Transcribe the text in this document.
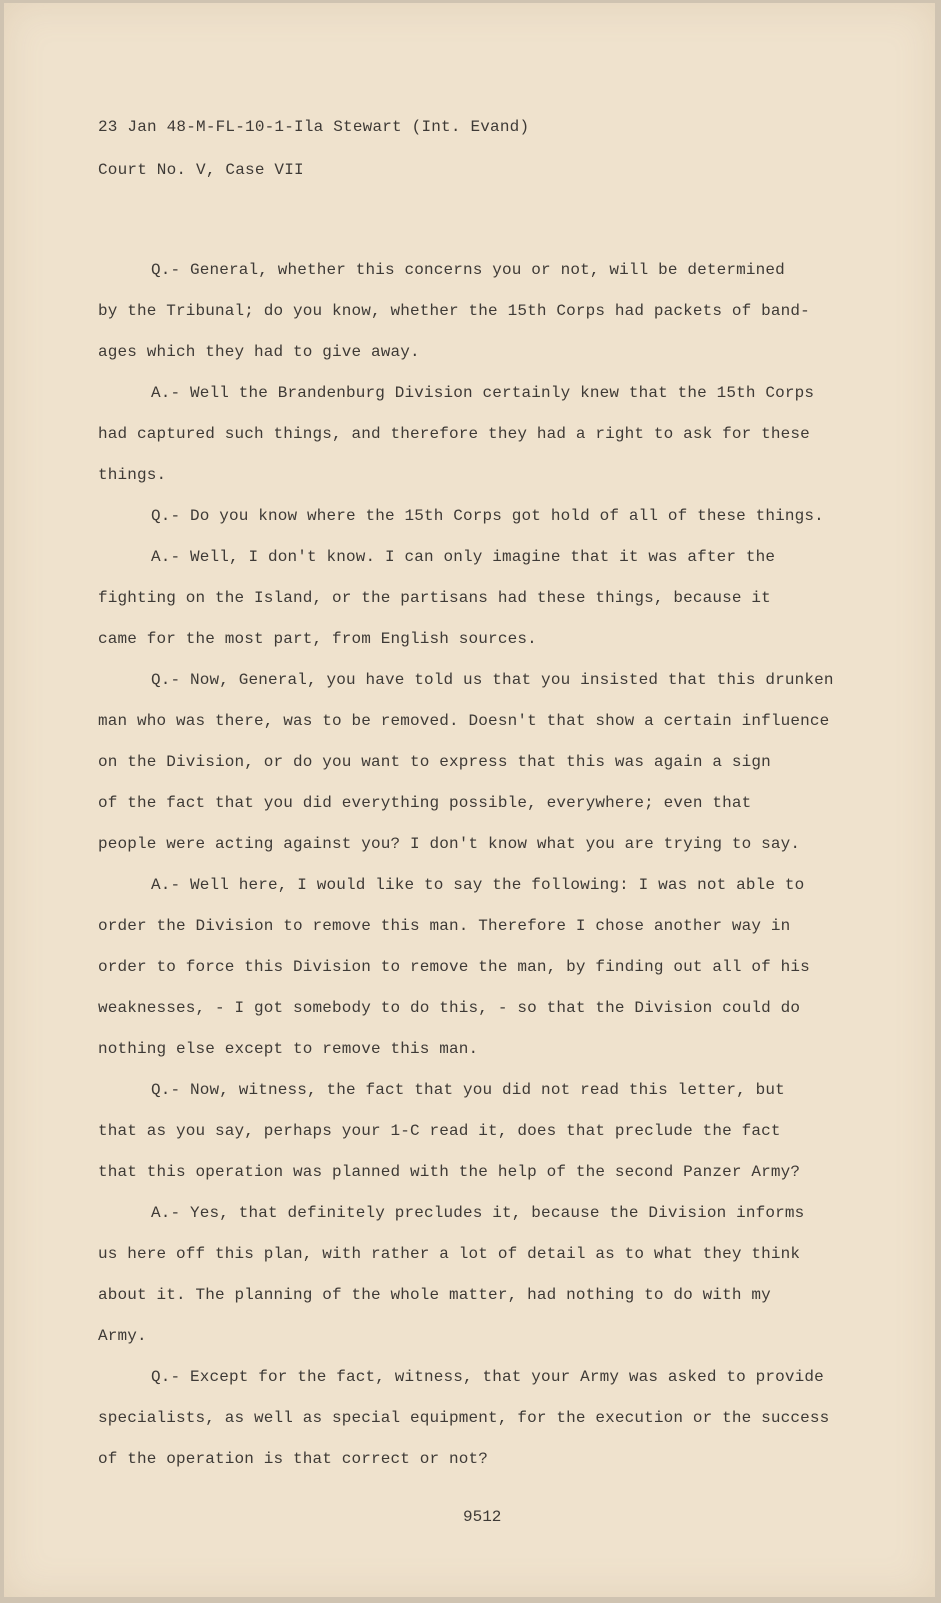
23 Jan 48-M-FL-10-1-Ila Stewart (Int. Evand)
Court No. V, Case VII
Q.- General, whether this concerns you or not, will be determined
by the Tribunal; do you know, whether the 15th Corps had packets of band-
ages which they had to give away.
A.- Well the Brandenburg Division certainly knew that the 15th Corps
had captured such things, and therefore they had a right to ask for these
things.
Q.- Do you know where the 15th Corps got hold of all of these things.
A.- Well, I don't know. I can only imagine that it was after the
fighting on the Island, or the partisans had these things, because it
came for the most part, from English sources.
Q.- Now, General, you have told us that you insisted that this drunken
man who was there, was to be removed. Doesn't that show a certain influence
on the Division, or do you want to express that this was again a sign
of the fact that you did everything possible, everywhere; even that
people were acting against you? I don't know what you are trying to say.
A.- Well here, I would like to say the following: I was not able to
order the Division to remove this man. Therefore I chose another way in
order to force this Division to remove the man, by finding out all of his
weaknesses, - I got somebody to do this, - so that the Division could do
nothing else except to remove this man.
Q.- Now, witness, the fact that you did not read this letter, but
that as you say, perhaps your 1-C read it, does that preclude the fact
that this operation was planned with the help of the second Panzer Army?
A.- Yes, that definitely precludes it, because the Division informs
us here off this plan, with rather a lot of detail as to what they think
about it. The planning of the whole matter, had nothing to do with my
Army.
Q.- Except for the fact, witness, that your Army was asked to provide
specialists, as well as special equipment, for the execution or the success
of the operation is that correct or not?
9512
